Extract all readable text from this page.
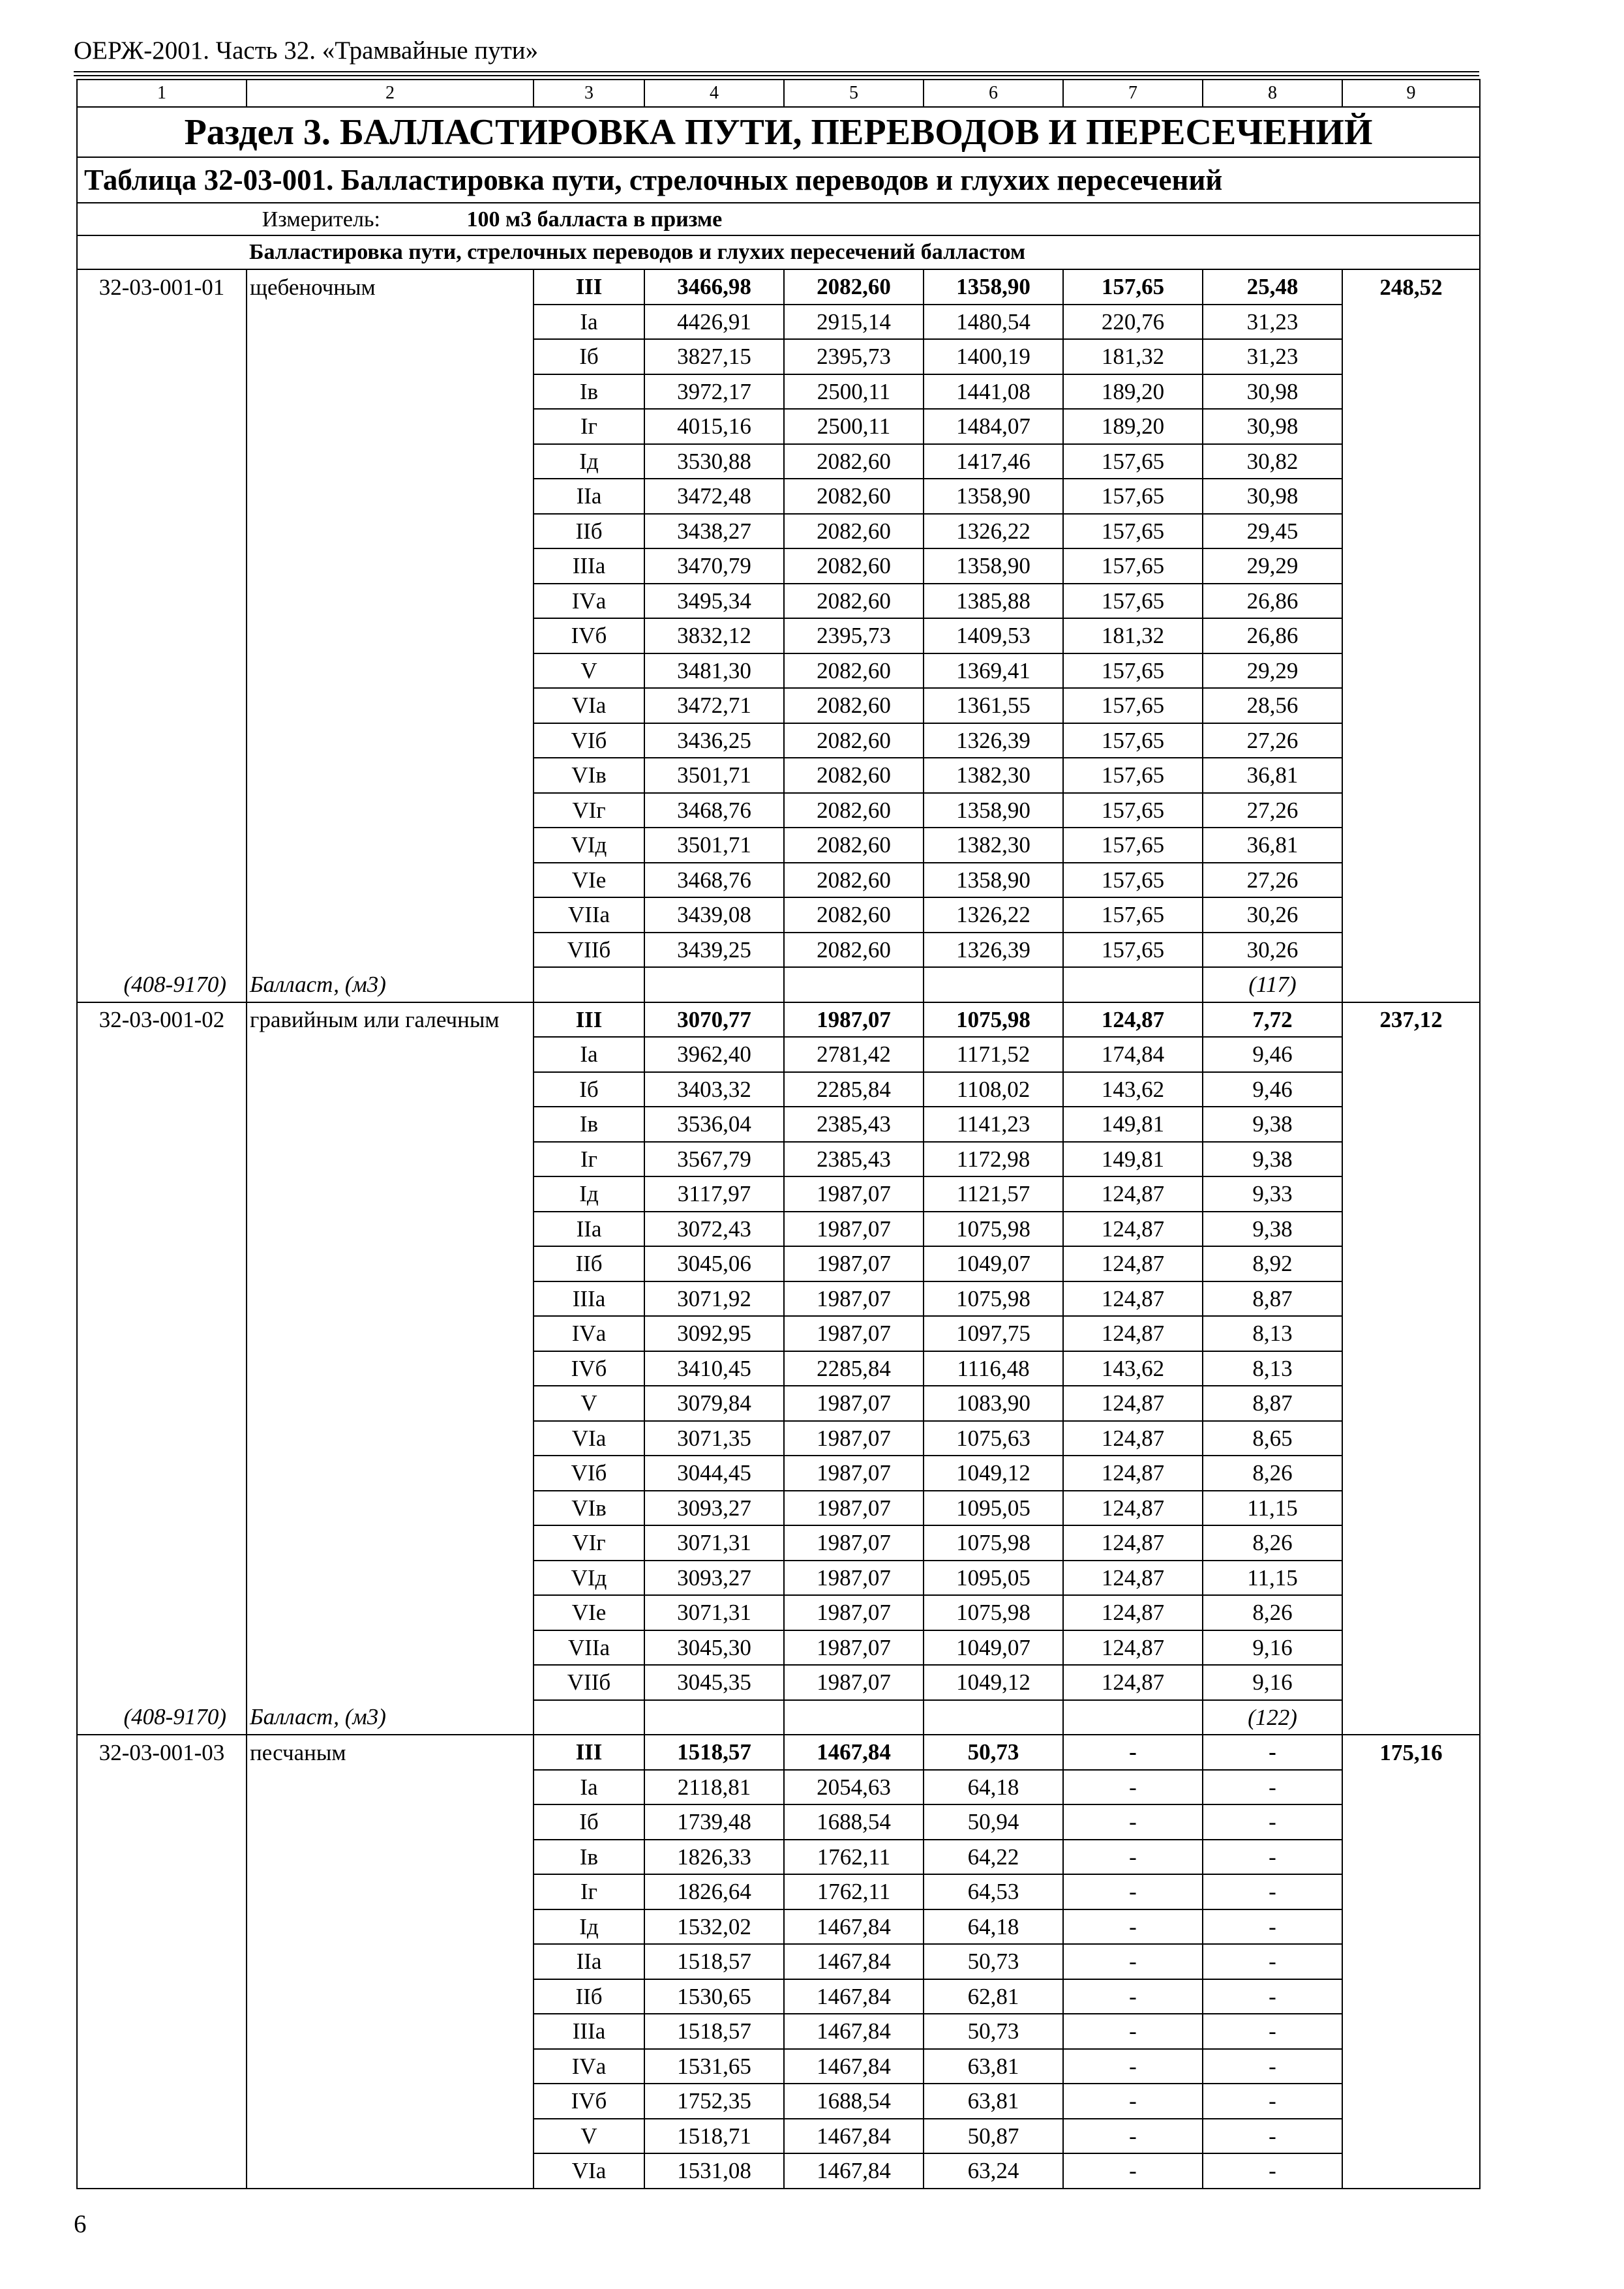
ОЕРЖ-2001. Часть 32. «Трамвайные пути»
1	2	3	4	5	6	7	8	9
Раздел 3. БАЛЛАСТИРОВКА ПУТИ, ПЕРЕВОДОВ И ПЕРЕСЕЧЕНИЙ								
Таблица 32-03-001. Балластировка пути, стрелочных переводов и глухих пересечений								
Измеритель: 100 м3 балласта в призме								
	Балластировка пути, стрелочных переводов и глухих пересечений балластом							
32-03-001-01	щебеночным	III	3466,98	2082,60	1358,90	157,65	25,48	248,52
		Iа	4426,91	2915,14	1480,54	220,76	31,23	
		Iб	3827,15	2395,73	1400,19	181,32	31,23	
		Iв	3972,17	2500,11	1441,08	189,20	30,98	
		Iг	4015,16	2500,11	1484,07	189,20	30,98	
		Iд	3530,88	2082,60	1417,46	157,65	30,82	
		IIа	3472,48	2082,60	1358,90	157,65	30,98	
		IIб	3438,27	2082,60	1326,22	157,65	29,45	
		IIIа	3470,79	2082,60	1358,90	157,65	29,29	
		IVа	3495,34	2082,60	1385,88	157,65	26,86	
		IVб	3832,12	2395,73	1409,53	181,32	26,86	
		V	3481,30	2082,60	1369,41	157,65	29,29	
		VIа	3472,71	2082,60	1361,55	157,65	28,56	
		VIб	3436,25	2082,60	1326,39	157,65	27,26	
		VIв	3501,71	2082,60	1382,30	157,65	36,81	
		VIг	3468,76	2082,60	1358,90	157,65	27,26	
		VIд	3501,71	2082,60	1382,30	157,65	36,81	
		VIе	3468,76	2082,60	1358,90	157,65	27,26	
		VIIа	3439,08	2082,60	1326,22	157,65	30,26	
		VIIб	3439,25	2082,60	1326,39	157,65	30,26	
(408-9170)	Балласт, (м3)						(117)	
32-03-001-02	гравийным или галечным	III	3070,77	1987,07	1075,98	124,87	7,72	237,12
		Iа	3962,40	2781,42	1171,52	174,84	9,46	
		Iб	3403,32	2285,84	1108,02	143,62	9,46	
		Iв	3536,04	2385,43	1141,23	149,81	9,38	
		Iг	3567,79	2385,43	1172,98	149,81	9,38	
		Iд	3117,97	1987,07	1121,57	124,87	9,33	
		IIа	3072,43	1987,07	1075,98	124,87	9,38	
		IIб	3045,06	1987,07	1049,07	124,87	8,92	
		IIIа	3071,92	1987,07	1075,98	124,87	8,87	
		IVа	3092,95	1987,07	1097,75	124,87	8,13	
		IVб	3410,45	2285,84	1116,48	143,62	8,13	
		V	3079,84	1987,07	1083,90	124,87	8,87	
		VIа	3071,35	1987,07	1075,63	124,87	8,65	
		VIб	3044,45	1987,07	1049,12	124,87	8,26	
		VIв	3093,27	1987,07	1095,05	124,87	11,15	
		VIг	3071,31	1987,07	1075,98	124,87	8,26	
		VIд	3093,27	1987,07	1095,05	124,87	11,15	
		VIе	3071,31	1987,07	1075,98	124,87	8,26	
		VIIа	3045,30	1987,07	1049,07	124,87	9,16	
		VIIб	3045,35	1987,07	1049,12	124,87	9,16	
(408-9170)	Балласт, (м3)						(122)	
32-03-001-03	песчаным	III	1518,57	1467,84	50,73	-	-	175,16
		Iа	2118,81	2054,63	64,18	-	-	
		Iб	1739,48	1688,54	50,94	-	-	
		Iв	1826,33	1762,11	64,22	-	-	
		Iг	1826,64	1762,11	64,53	-	-	
		Iд	1532,02	1467,84	64,18	-	-	
		IIа	1518,57	1467,84	50,73	-	-	
		IIб	1530,65	1467,84	62,81	-	-	
		IIIа	1518,57	1467,84	50,73	-	-	
		IVа	1531,65	1467,84	63,81	-	-	
		IVб	1752,35	1688,54	63,81	-	-	
		V	1518,71	1467,84	50,87	-	-	
		VIа	1531,08	1467,84	63,24	-	-	
6
